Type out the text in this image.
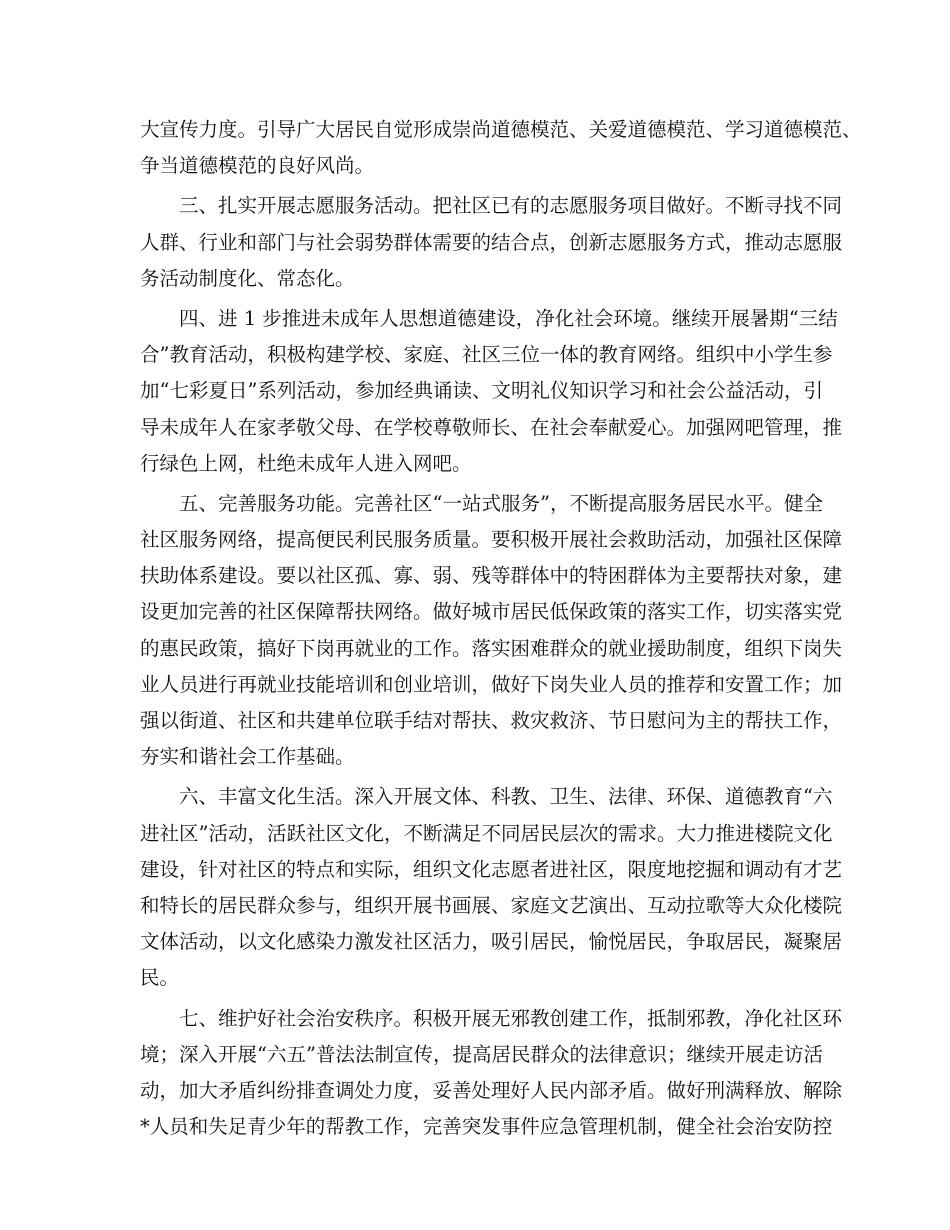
大宣传力度。引导广大居民自觉形成崇尚道德模范、关爱道德模范、学习道德模范、
争当道德模范的良好风尚。
三、扎实开展志愿服务活动。把社区已有的志愿服务项目做好。不断寻找不同
人群、行业和部门与社会弱势群体需要的结合点，创新志愿服务方式，推动志愿服
务活动制度化、常态化。
四、进 1 步推进未成年人思想道德建设，净化社会环境。继续开展暑期“三结
合”教育活动，积极构建学校、家庭、社区三位一体的教育网络。组织中小学生参
加“七彩夏日”系列活动，参加经典诵读、文明礼仪知识学习和社会公益活动，引
导未成年人在家孝敬父母、在学校尊敬师长、在社会奉献爱心。加强网吧管理，推
行绿色上网，杜绝未成年人进入网吧。
五、完善服务功能。完善社区“一站式服务”，不断提高服务居民水平。健全
社区服务网络，提高便民利民服务质量。要积极开展社会救助活动，加强社区保障
扶助体系建设。要以社区孤、寡、弱、残等群体中的特困群体为主要帮扶对象，建
设更加完善的社区保障帮扶网络。做好城市居民低保政策的落实工作，切实落实党
的惠民政策，搞好下岗再就业的工作。落实困难群众的就业援助制度，组织下岗失
业人员进行再就业技能培训和创业培训，做好下岗失业人员的推荐和安置工作；加
强以街道、社区和共建单位联手结对帮扶、救灾救济、节日慰问为主的帮扶工作，
夯实和谐社会工作基础。
六、丰富文化生活。深入开展文体、科教、卫生、法律、环保、道德教育“六
进社区”活动，活跃社区文化，不断满足不同居民层次的需求。大力推进楼院文化
建设，针对社区的特点和实际，组织文化志愿者进社区，限度地挖掘和调动有才艺
和特长的居民群众参与，组织开展书画展、家庭文艺演出、互动拉歌等大众化楼院
文体活动，以文化感染力激发社区活力，吸引居民，愉悦居民，争取居民，凝聚居
民。
七、维护好社会治安秩序。积极开展无邪教创建工作，抵制邪教，净化社区环
境；深入开展“六五”普法法制宣传，提高居民群众的法律意识；继续开展走访活
动，加大矛盾纠纷排查调处力度，妥善处理好人民内部矛盾。做好刑满释放、解除
*人员和失足青少年的帮教工作，完善突发事件应急管理机制，健全社会治安防控
